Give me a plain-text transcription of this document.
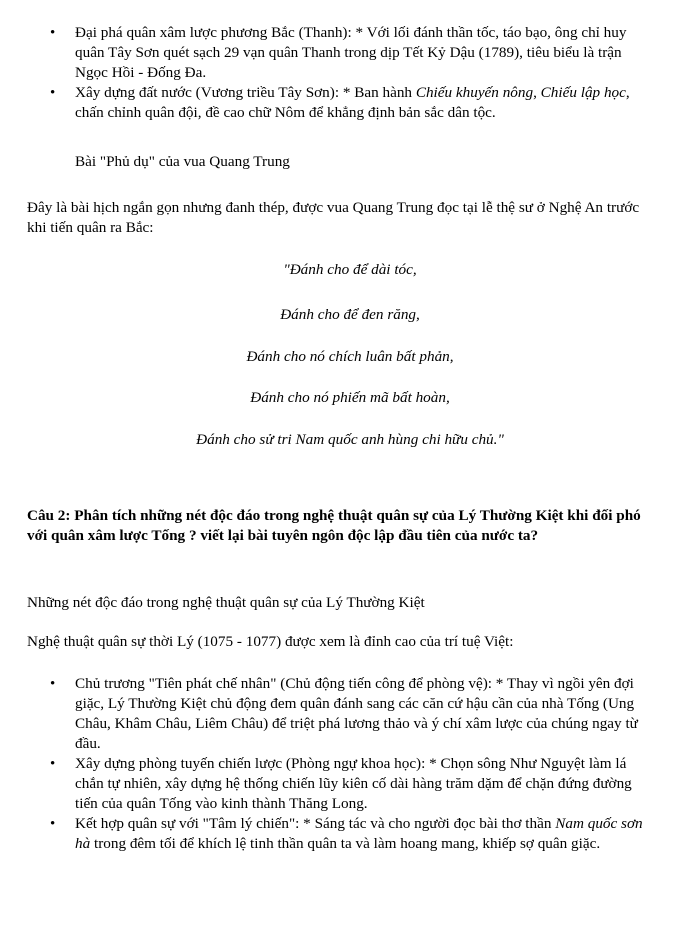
• Đại phá quân xâm lược phương Bắc (Thanh): * Với lối đánh thần tốc, táo bạo, ông chỉ huy quân Tây Sơn quét sạch 29 vạn quân Thanh trong dịp Tết Kỷ Dậu (1789), tiêu biểu là trận Ngọc Hồi - Đống Đa.
• Xây dựng đất nước (Vương triều Tây Sơn): * Ban hành Chiếu khuyến nông, Chiếu lập học, chấn chỉnh quân đội, đề cao chữ Nôm để khẳng định bản sắc dân tộc.
Bài "Phủ dụ" của vua Quang Trung
Đây là bài hịch ngắn gọn nhưng đanh thép, được vua Quang Trung đọc tại lễ thệ sư ở Nghệ An trước khi tiến quân ra Bắc:
"Đánh cho để dài tóc,
Đánh cho để đen răng,
Đánh cho nó chích luân bất phản,
Đánh cho nó phiến mã bất hoàn,
Đánh cho sử tri Nam quốc anh hùng chi hữu chủ."
Câu 2: Phân tích những nét độc đáo trong nghệ thuật quân sự của Lý Thường Kiệt khi đối phó với quân xâm lược Tống ? viết lại bài tuyên ngôn độc lập đầu tiên của nước ta?
Những nét độc đáo trong nghệ thuật quân sự của Lý Thường Kiệt
Nghệ thuật quân sự thời Lý (1075 - 1077) được xem là đỉnh cao của trí tuệ Việt:
• Chủ trương "Tiên phát chế nhân" (Chủ động tiến công để phòng vệ): * Thay vì ngồi yên đợi giặc, Lý Thường Kiệt chủ động đem quân đánh sang các căn cứ hậu cần của nhà Tống (Ung Châu, Khâm Châu, Liêm Châu) để triệt phá lương thảo và ý chí xâm lược của chúng ngay từ đầu.
• Xây dựng phòng tuyến chiến lược (Phòng ngự khoa học): * Chọn sông Như Nguyệt làm lá chắn tự nhiên, xây dựng hệ thống chiến lũy kiên cố dài hàng trăm dặm để chặn đứng đường tiến của quân Tống vào kinh thành Thăng Long.
• Kết hợp quân sự với "Tâm lý chiến": * Sáng tác và cho người đọc bài thơ thần Nam quốc sơn hà trong đêm tối để khích lệ tinh thần quân ta và làm hoang mang, khiếp sợ quân giặc.
